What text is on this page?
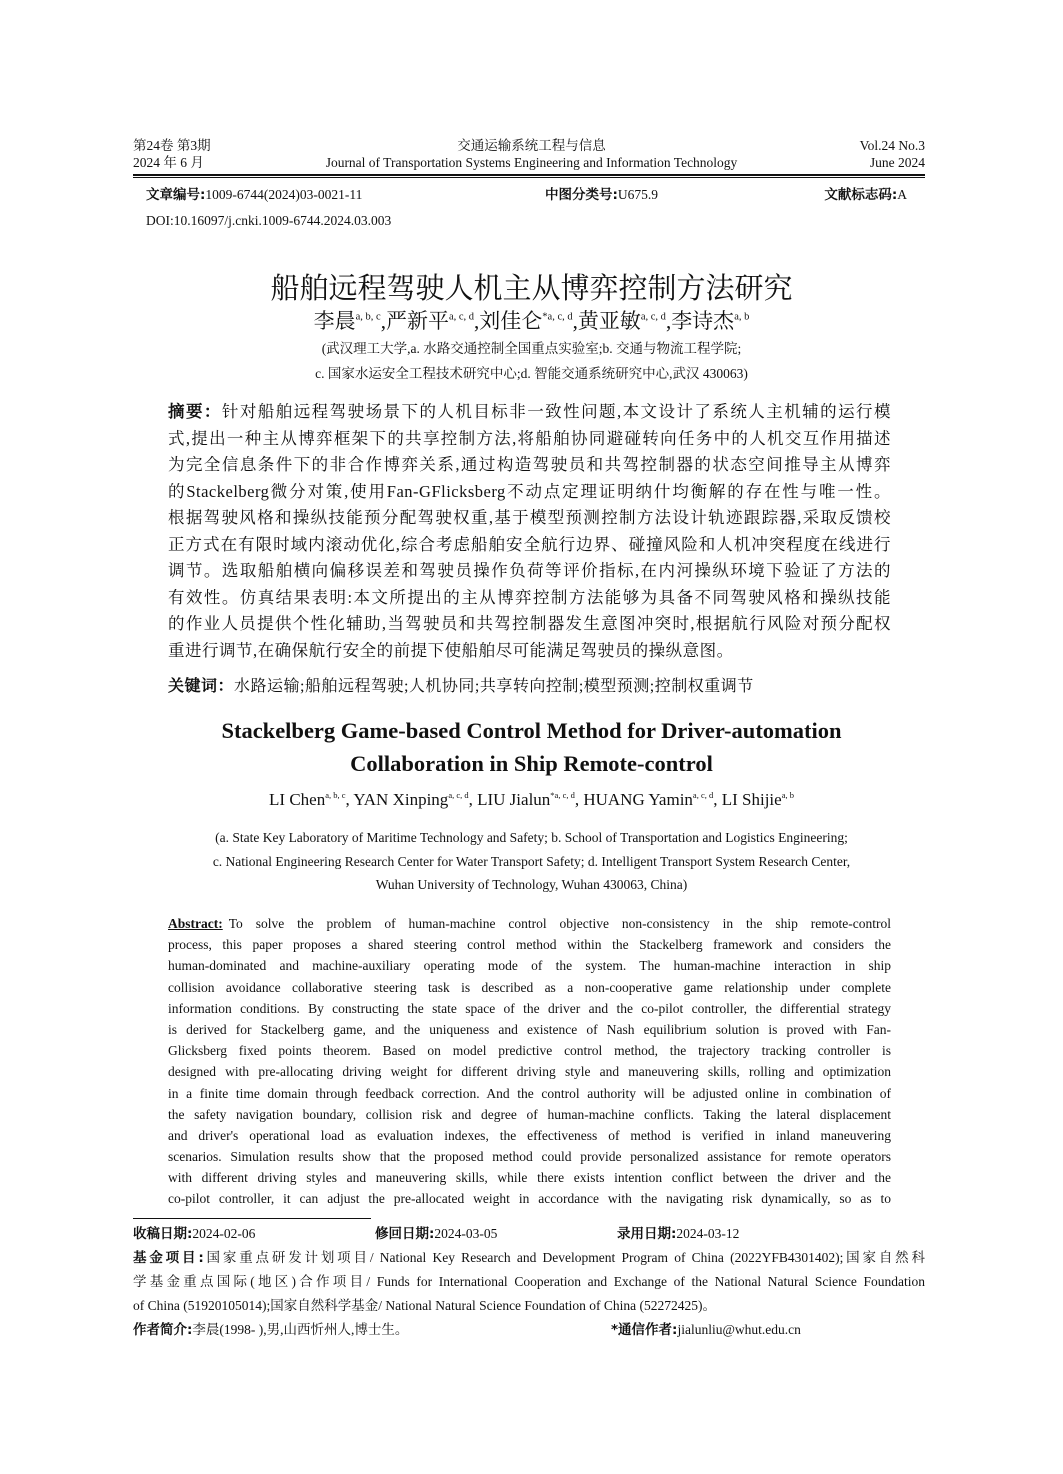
第24卷 第3期
2024 年 6 月
交通运输系统工程与信息
Journal of Transportation Systems Engineering and Information Technology
Vol.24 No.3
June 2024
文章编号:1009-6744(2024)03-0021-11	中图分类号:U675.9	文献标志码:A
DOI:10.16097/j.cnki.1009-6744.2024.03.003
船舶远程驾驶人机主从博弈控制方法研究
李晨$^{a, b, c}$,严新平$^{a, c, d}$,刘佳仑$^{*a, c, d}$,黄亚敏$^{a, c, d}$,李诗杰$^{a, b}$
(武汉理工大学,a. 水路交通控制全国重点实验室;b. 交通与物流工程学院;
c. 国家水运安全工程技术研究中心;d. 智能交通系统研究中心,武汉 430063)
摘要：针对船舶远程驾驶场景下的人机目标非一致性问题,本文设计了系统人主机辅的运行模
式,提出一种主从博弈框架下的共享控制方法,将船舶协同避碰转向任务中的人机交互作用描述
为完全信息条件下的非合作博弈关系,通过构造驾驶员和共驾控制器的状态空间推导主从博弈
的Stackelberg微分对策,使用Fan-GFlicksberg不动点定理证明纳什均衡解的存在性与唯一性。
根据驾驶风格和操纵技能预分配驾驶权重,基于模型预测控制方法设计轨迹跟踪器,采取反馈校
正方式在有限时域内滚动优化,综合考虑船舶安全航行边界、碰撞风险和人机冲突程度在线进行
调节。选取船舶横向偏移误差和驾驶员操作负荷等评价指标,在内河操纵环境下验证了方法的
有效性。仿真结果表明:本文所提出的主从博弈控制方法能够为具备不同驾驶风格和操纵技能
的作业人员提供个性化辅助,当驾驶员和共驾控制器发生意图冲突时,根据航行风险对预分配权
重进行调节,在确保航行安全的前提下使船舶尽可能满足驾驶员的操纵意图。
关键词：水路运输;船舶远程驾驶;人机协同;共享转向控制;模型预测;控制权重调节
Stackelberg Game-based Control Method for Driver-automation
Collaboration in Ship Remote-control
LI Chen$^{a, b, c}$, YAN Xinping$^{a, c, d}$, LIU Jialun$^{*a, c, d}$, HUANG Yamin$^{a, c, d}$, LI Shijie$^{a, b}$
(a. State Key Laboratory of Maritime Technology and Safety; b. School of Transportation and Logistics Engineering;
c. National Engineering Research Center for Water Transport Safety; d. Intelligent Transport System Research Center,
Wuhan University of Technology, Wuhan 430063, China)
Abstract: To solve the problem of human-machine control objective non-consistency in the ship remote-control
process, this paper proposes a shared steering control method within the Stackelberg framework and considers the
human-dominated and machine-auxiliary operating mode of the system. The human-machine interaction in ship
collision avoidance collaborative steering task is described as a non-cooperative game relationship under complete
information conditions. By constructing the state space of the driver and the co-pilot controller, the differential strategy
is derived for Stackelberg game, and the uniqueness and existence of Nash equilibrium solution is proved with Fan-
Glicksberg fixed points theorem. Based on model predictive control method, the trajectory tracking controller is
designed with pre-allocating driving weight for different driving style and maneuvering skills, rolling and optimization
in a finite time domain through feedback correction. And the control authority will be adjusted online in combination of
the safety navigation boundary, collision risk and degree of human-machine conflicts. Taking the lateral displacement
and driver's operational load as evaluation indexes, the effectiveness of method is verified in inland maneuvering
scenarios. Simulation results show that the proposed method could provide personalized assistance for remote operators
with different driving styles and maneuvering skills, while there exists intention conflict between the driver and the
co-pilot controller, it can adjust the pre-allocated weight in accordance with the navigating risk dynamically, so as to
收稿日期:2024-02-06	修回日期:2024-03-05	录用日期:2024-03-12
基金项目:国家重点研发计划项目/ National Key Research and Development Program of China (2022YFB4301402);国家自然科
学基金重点国际(地区)合作项目/ Funds for International Cooperation and Exchange of the National Natural Science Foundation
of China (51920105014);国家自然科学基金/ National Natural Science Foundation of China (52272425)。
作者简介:李晨(1998- ),男,山西忻州人,博士生。	*通信作者:jialunliu@whut.edu.cn
